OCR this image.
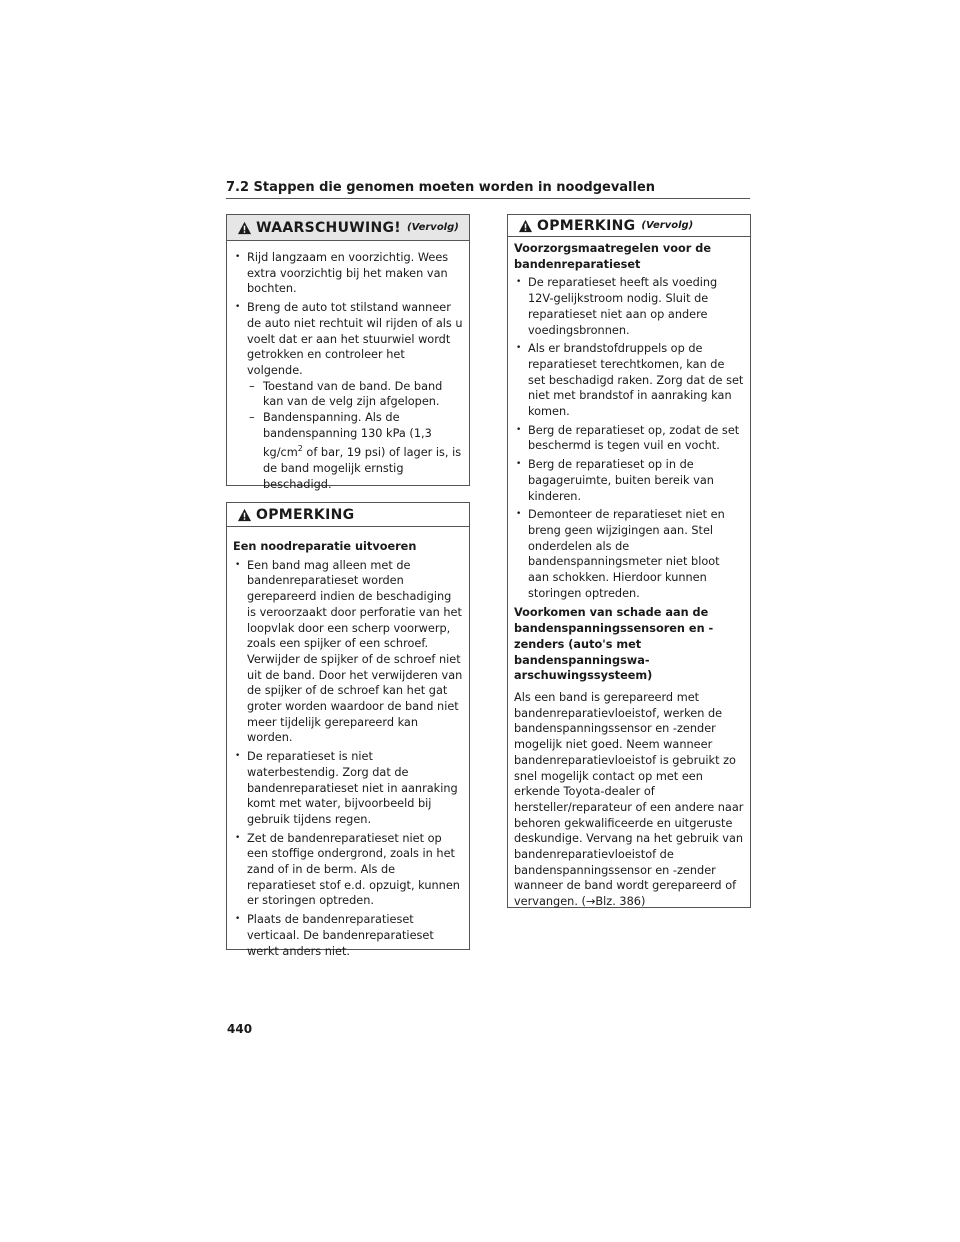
7.2 Stappen die genomen moeten worden in noodgevallen
WAARSCHUWING! (Vervolg)
• Rijd langzaam en voorzichtig. Wees extra voorzichtig bij het maken van bochten.
• Breng de auto tot stilstand wanneer de auto niet rechtuit wil rijden of als u voelt dat er aan het stuurwiel wordt getrokken en controleer het volgende.
– Toestand van de band. De band kan van de velg zijn afgelopen.
– Bandenspanning. Als de bandenspanning 130 kPa (1,3 $kg/cm^2$ of bar, 19 psi) of lager is, is de band mogelijk ernstig beschadigd.
OPMERKING
Een noodreparatie uitvoeren
• Een band mag alleen met de bandenreparatieset worden gerepareerd indien de beschadiging is veroorzaakt door perforatie van het loopvlak door een scherp voorwerp, zoals een spijker of een schroef. Verwijder de spijker of de schroef niet uit de band. Door het verwijderen van de spijker of de schroef kan het gat groter worden waardoor de band niet meer tijdelijk gerepareerd kan worden.
• De reparatieset is niet waterbestendig. Zorg dat de bandenreparatieset niet in aanraking komt met water, bijvoorbeeld bij gebruik tijdens regen.
• Zet de bandenreparatieset niet op een stoffige ondergrond, zoals in het zand of in de berm. Als de reparatieset stof e.d. opzuigt, kunnen er storingen optreden.
• Plaats de bandenreparatieset verticaal. De bandenreparatieset werkt anders niet.
OPMERKING (Vervolg)
Voorzorgsmaatregelen voor de bandenreparatieset
• De reparatieset heeft als voeding 12V-gelijkstroom nodig. Sluit de reparatieset niet aan op andere voedingsbronnen.
• Als er brandstofdruppels op de reparatieset terechtkomen, kan de set beschadigd raken. Zorg dat de set niet met brandstof in aanraking kan komen.
• Berg de reparatieset op, zodat de set beschermd is tegen vuil en vocht.
• Berg de reparatieset op in de bagageruimte, buiten bereik van kinderen.
• Demonteer de reparatieset niet en breng geen wijzigingen aan. Stel onderdelen als de bandenspanningsmeter niet bloot aan schokken. Hierdoor kunnen storingen optreden.
Voorkomen van schade aan de bandenspanningssensoren en -zenders (auto's met bandenspanningswa-arschuwingssysteem)
Als een band is gerepareerd met bandenreparatievloeistof, werken de bandenspanningssensor en -zender mogelijk niet goed. Neem wanneer bandenreparatievloeistof is gebruikt zo snel mogelijk contact op met een erkende Toyota-dealer of hersteller/reparateur of een andere naar behoren gekwalificeerde en uitgeruste deskundige. Vervang na het gebruik van bandenreparatievloeistof de bandenspanningssensor en -zender wanneer de band wordt gerepareerd of vervangen. (→Blz. 386)
440
